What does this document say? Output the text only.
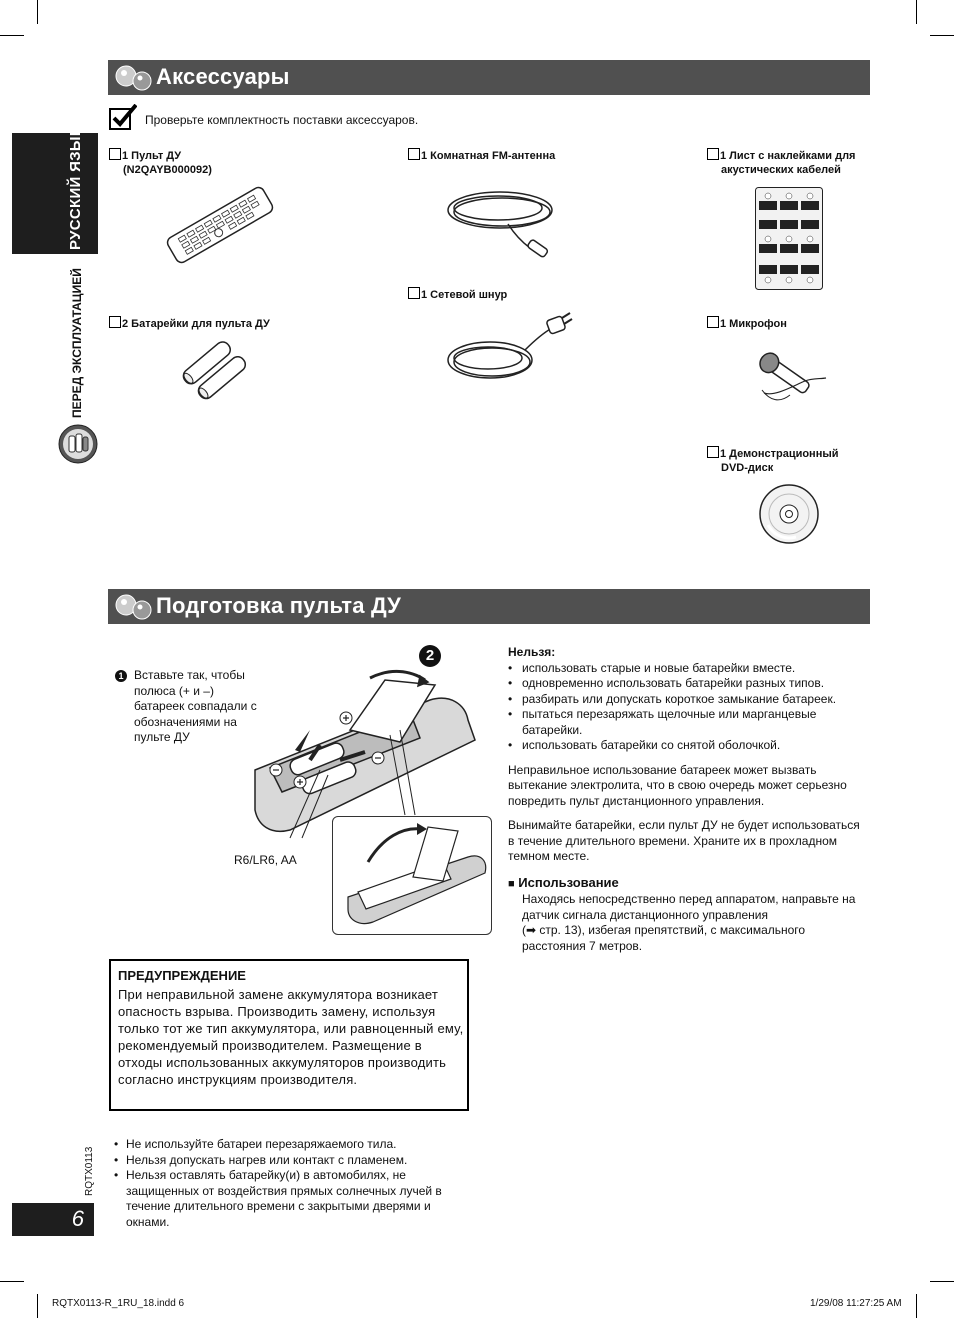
РУССКИЙ ЯЗЫК
ПЕРЕД ЭКСПЛУАТАЦИЕЙ
Аксессуары
Проверьте комплектность поставки аксессуаров.
1 Пульт ДУ
(N2QAYB000092)
1 Комнатная FM-антенна	1 Лист с наклейками для
акустических кабелей
1 Сетевой шнур
2 Батарейки для пульта ДУ	1 Микрофон
1 Демонстрационный
DVD-диск
Подготовка пульта ДУ
1 Вставьте так, чтобы
полюса (+ и –)
батареек совпадали с
обозначениями на
пульте ДУ
2
R6/LR6, AA
Нельзя:
• использовать старые и новые батарейки вместе.
• одновременно использовать батарейки разных типов.
• разбирать или допускать короткое замыкание батареек.
• пытаться перезаряжать щелочные или марганцевые батарейки.
• использовать батарейки со снятой оболочкой.
Неправильное использование батареек может вызвать вытекание электролита, что в свою очередь может серьезно повредить пульт дистанционного управления.
Вынимайте батарейки, если пульт ДУ не будет использоваться в течение длительного времени. Храните их в прохладном темном месте.
■ Использование
Находясь непосредственно перед аппаратом, направьте на датчик сигнала дистанционного управления
(➡ стр. 13), избегая препятствий, с максимального расстояния 7 метров.
ПРЕДУПРЕЖДЕНИЕ
При неправильной замене аккумулятора возникает опасность взрыва. Производить замену, используя только тот же тип аккумулятора, или равноценный ему, рекомендуемый производителем. Размещение в отходы использованных аккумуляторов производить согласно инструкциям производителя.
• Не используйте батареи перезаряжаемого тила.
• Нельзя допускать нагрев или контакт с пламенем.
• Нельзя оставлять батарейку(и) в автомобилях, не защищенных от воздействия прямых солнечных лучей в течение длительного времени с закрытыми дверями и окнами.
RQTX0113
6
RQTX0113-R_1RU_18.indd 6	1/29/08 11:27:25 AM
